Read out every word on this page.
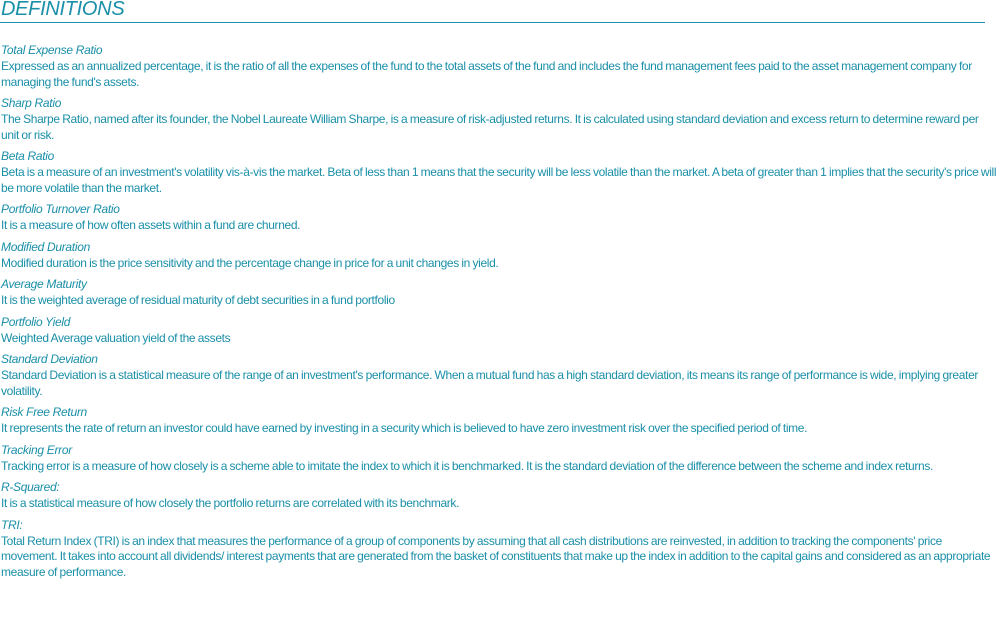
DEFINITIONS
Total Expense Ratio
Expressed as an annualized percentage, it is the ratio of all the expenses of the fund to the total assets of the fund and includes the fund management fees paid to the asset management company for managing the fund's assets.
Sharp Ratio
The Sharpe Ratio, named after its founder, the Nobel Laureate William Sharpe, is a measure of risk-adjusted returns. It is calculated using standard deviation and excess return to determine reward per unit or risk.
Beta Ratio
Beta is a measure of an investment's volatility vis-à-vis the market. Beta of less than 1 means that the security will be less volatile than the market. A beta of greater than 1 implies that the security's price will be more volatile than the market.
Portfolio Turnover Ratio
It is a measure of how often assets within a fund are churned.
Modified Duration
Modified duration is the price sensitivity and the percentage change in price for a unit changes in yield.
Average Maturity
It is the weighted average of residual maturity of debt securities in a fund portfolio
Portfolio Yield
Weighted Average valuation yield of the assets
Standard Deviation
Standard Deviation is a statistical measure of the range of an investment's performance. When a mutual fund has a high standard deviation, its means its range of performance is wide, implying greater volatility.
Risk Free Return
It represents the rate of return an investor could have earned by investing in a security which is believed to have zero investment risk over the specified period of time.
Tracking Error
Tracking error is a measure of how closely is a scheme able to imitate the index to which it is benchmarked. It is the standard deviation of the difference between the scheme and index returns.
R-Squared:
It is a statistical measure of how closely the portfolio returns are correlated with its benchmark.
TRI:
Total Return Index (TRI) is an index that measures the performance of a group of components by assuming that all cash distributions are reinvested, in addition to tracking the components' price movement. It takes into account all dividends/ interest payments that are generated from the basket of constituents that make up the index in addition to the capital gains and considered as an appropriate measure of performance.
